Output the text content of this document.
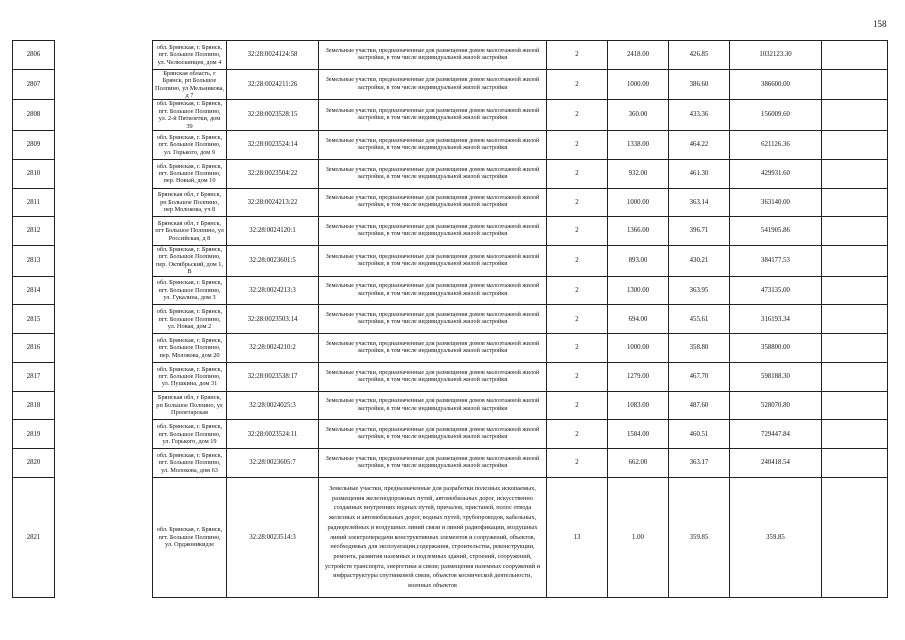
158
2806		обл. Брянская, г. Брянск, пгт. Большое Полпино, ул. Челюскинцев, дом 4	32:28:0024124:58	Земельные участки, предназначенные для размещения домов малоэтажной жилой застройки, в том числе индивидуальной жилой застройки	2	2418.00	426.85	1032123.30	
2807		Брянская область, г Брянск, рп Большое Полпино, ул Мельникова, д 7	32:28:0024211:26	Земельные участки, предназначенные для размещения домов малоэтажной жилой застройки, в том числе индивидуальной жилой застройки	2	1000.00	386.60	386600.00	
2808		обл. Брянская, г. Брянск, пгт. Большое Полпино, ул. 2-й Пятилетки, дом 39	32:28:0023528:15	Земельные участки, предназначенные для размещения домов малоэтажной жилой застройки, в том числе индивидуальной жилой застройки	2	360.00	433.36	156009.60	
2809		обл. Брянская, г. Брянск, пгт. Большое Полпино, ул. Горького, дом 9	32:28:0023524:14	Земельные участки, предназначенные для размещения домов малоэтажной жилой застройки, в том числе индивидуальной жилой застройки	2	1338.00	464.22	621126.36	
2810		обл. Брянская, г. Брянск, пгт. Большое Полпино, пер. Новый, дом 10	32:28:0023504:22	Земельные участки, предназначенные для размещения домов малоэтажной жилой застройки, в том числе индивидуальной жилой застройки	2	932.00	461.30	429931.60	
2811		Брянская обл, г Брянск, рп Большое Полпино, пер Молокова, уч 8	32:28:0024213:22	Земельные участки, предназначенные для размещения домов малоэтажной жилой застройки, в том числе индивидуальной жилой застройки	2	1000.00	363.14	363140.00	
2812		Брянская обл, г Брянск, пгт Большое Полпино, ул Российская, д 8	32:28:0024120:1	Земельные участки, предназначенные для размещения домов малоэтажной жилой застройки, в том числе индивидуальной жилой застройки	2	1366.00	396.71	541905.86	
2813		обл. Брянская, г. Брянск, пгт. Большое Полпино, пер. Октябрьский, дом 1, В	32:28:0023601:5	Земельные участки, предназначенные для размещения домов малоэтажной жилой застройки, в том числе индивидуальной жилой застройки	2	893.00	430.21	384177.53	
2814		обл. Брянская, г. Брянск, пгт. Большое Полпино, ул. Гукалина, дом 3	32:28:0024213:3	Земельные участки, предназначенные для размещения домов малоэтажной жилой застройки, в том числе индивидуальной жилой застройки	2	1300.00	363.95	473135.00	
2815		обл. Брянская, г. Брянск, пгт. Большое Полпино, ул. Новая, дом 2	32:28:0023503:14	Земельные участки, предназначенные для размещения домов малоэтажной жилой застройки, в том числе индивидуальной жилой застройки	2	694.00	455.61	316193.34	
2816		обл. Брянская, г. Брянск, пгт. Большое Полпино, пер. Молокова, дом 20	32:28:0024210:2	Земельные участки, предназначенные для размещения домов малоэтажной жилой застройки, в том числе индивидуальной жилой застройки	2	1000.00	358.80	358800.00	
2817		обл. Брянская, г. Брянск, пгт. Большое Полпино, ул. Пушкина, дом 31	32:28:0023538:17	Земельные участки, предназначенные для размещения домов малоэтажной жилой застройки, в том числе индивидуальной жилой застройки	2	1279.00	467.70	598188.30	
2818		Брянская обл, г Брянск, рп Большое Полпино, ул Пролетарская	32:28:0024025:3	Земельные участки, предназначенные для размещения домов малоэтажной жилой застройки, в том числе индивидуальной жилой застройки	2	1083.00	487.60	528070.80	
2819		обл. Брянская, г. Брянск, пгт. Большое Полпино, ул. Горького, дом 19	32:28:0023524:11	Земельные участки, предназначенные для размещения домов малоэтажной жилой застройки, в том числе индивидуальной жилой застройки	2	1584.00	460.51	729447.84	
2820		обл. Брянская, г. Брянск, пгт. Большое Полпино, ул. Молокова, дом 63	32:28:0023605:7	Земельные участки, предназначенные для размещения домов малоэтажной жилой застройки, в том числе индивидуальной жилой застройки	2	662.00	363.17	240418.54	
2821		обл. Брянская, г. Брянск, пгт. Большое Полпино, ул. Орджоникидзе	32:28:0023514:3	Земельные участки, предназначенные для разработки полезных ископаемых, размещения железнодорожных путей, автомобильных дорог, искусственно созданных внутренних водных путей, причалов, пристаней, полос отвода железных и автомобильных дорог, водных путей, трубопроводов, кабельных, радиорелейных и воздушных линий связи и линий радиофикации, воздушных линий электропередачи конструктивных элементов и сооружений, объектов, необходимых для эксплуатации,содержания, строительства, реконструкции, ремонта, развития наземных и подземных зданий, строений, сооружений, устройств транспорта, энергетики и связи; размещения наземных сооружений и инфраструктуры спутниковой связи, объектов космической деятельности, военных объектов	13	1.00	359.85	359.85	
